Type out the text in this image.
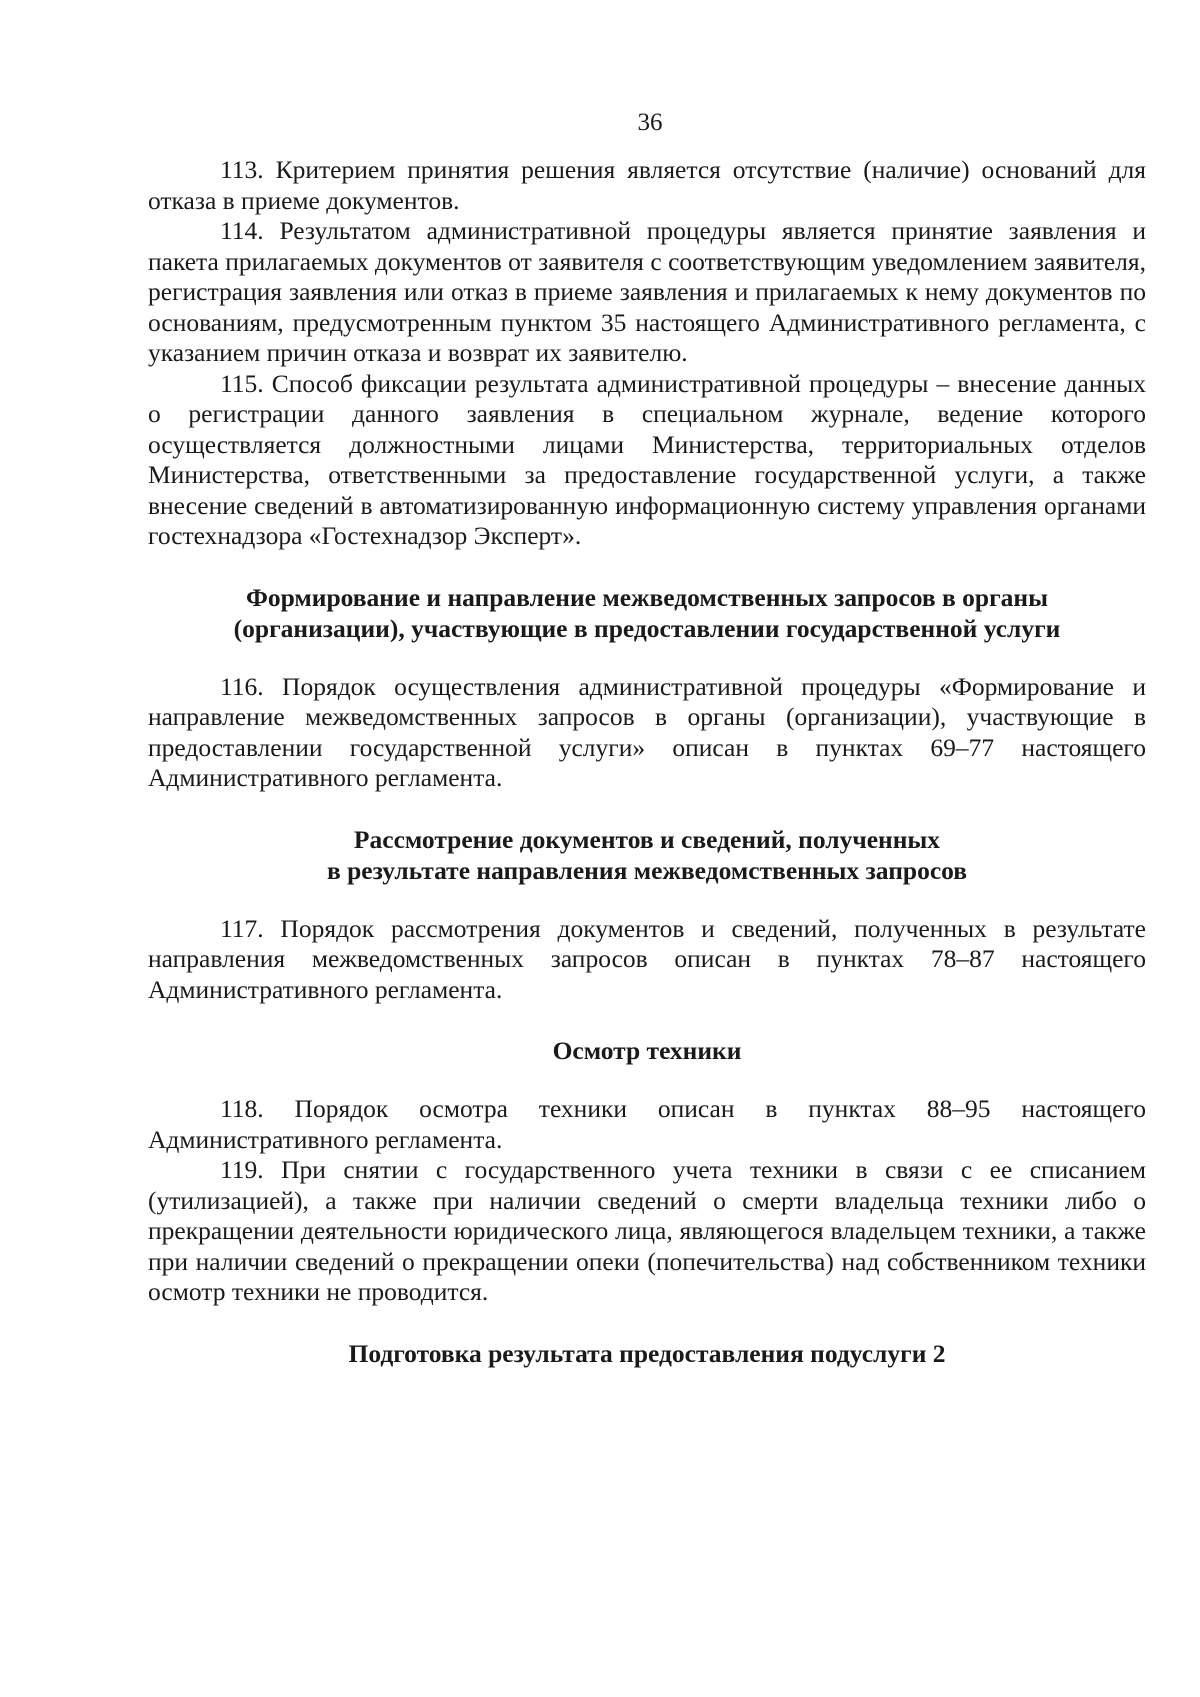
36

113. Критерием принятия решения является отсутствие (наличие) оснований для отказа в приеме документов.

114. Результатом административной процедуры является принятие заявления и пакета прилагаемых документов от заявителя с соответствующим уведомлением заявителя, регистрация заявления или отказ в приеме заявления и прилагаемых к нему документов по основаниям, предусмотренным пунктом 35 настоящего Административного регламента, с указанием причин отказа и возврат их заявителю.

115. Способ фиксации результата административной процедуры – внесение данных о регистрации данного заявления в специальном журнале, ведение которого осуществляется должностными лицами Министерства, территориальных отделов Министерства, ответственными за предоставление государственной услуги, а также внесение сведений в автоматизированную информационную систему управления органами гостехнадзора «Гостехнадзор Эксперт».

Формирование и направление межведомственных запросов в органы
(организации), участвующие в предоставлении государственной услуги

116. Порядок осуществления административной процедуры «Формирование и направление межведомственных запросов в органы (организации), участвующие в предоставлении государственной услуги» описан в пунктах 69–77 настоящего Административного регламента.

Рассмотрение документов и сведений, полученных
в результате направления межведомственных запросов

117. Порядок рассмотрения документов и сведений, полученных в результате направления межведомственных запросов описан в пунктах 78–87 настоящего Административного регламента.

Осмотр техники

118. Порядок осмотра техники описан в пунктах 88–95 настоящего Административного регламента.

119. При снятии с государственного учета техники в связи с ее списанием (утилизацией), а также при наличии сведений о смерти владельца техники либо о прекращении деятельности юридического лица, являющегося владельцем техники, а также при наличии сведений о прекращении опеки (попечительства) над собственником техники осмотр техники не проводится.

Подготовка результата предоставления подуслуги 2
